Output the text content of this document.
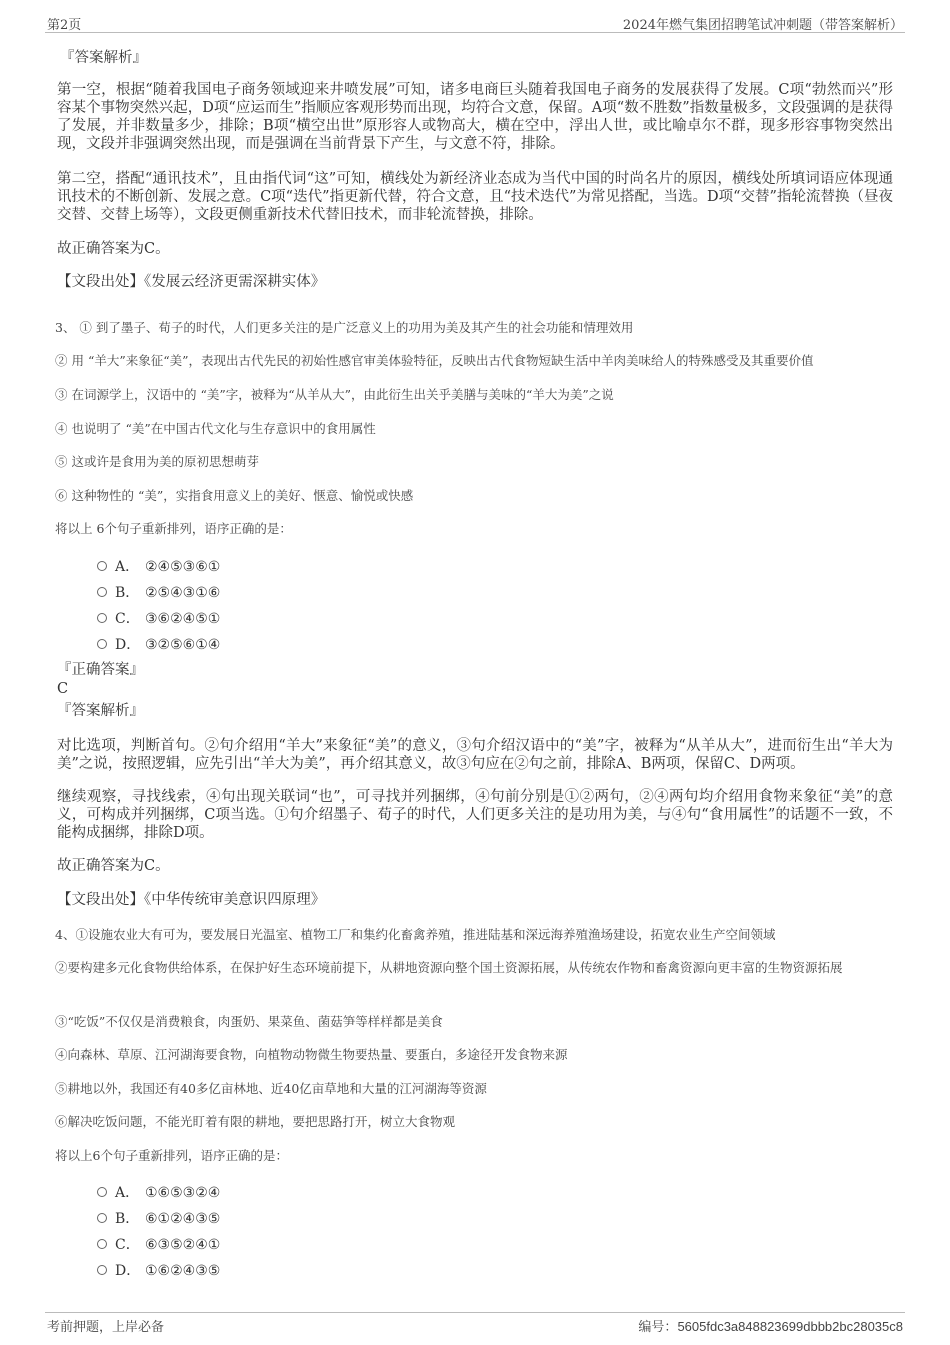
第2页	2024年燃气集团招聘笔试冲刺题（带答案解析）
『答案解析』
第一空，根据“随着我国电子商务领域迎来井喷发展”可知，诸多电商巨头随着我国电子商务的发展获得了发展。C项“勃然而兴”形容某个事物突然兴起，D项“应运而生”指顺应客观形势而出现，均符合文意，保留。A项“数不胜数”指数量极多，文段强调的是获得了发展，并非数量多少，排除；B项“横空出世”原形容人或物高大，横在空中，浮出人世，或比喻卓尔不群，现多形容事物突然出现，文段并非强调突然出现，而是强调在当前背景下产生，与文意不符，排除。
第二空，搭配“通讯技术”，且由指代词“这”可知，横线处为新经济业态成为当代中国的时尚名片的原因，横线处所填词语应体现通讯技术的不断创新、发展之意。C项“迭代”指更新代替，符合文意，且“技术迭代”为常见搭配，当选。D项“交替”指轮流替换（昼夜交替、交替上场等），文段更侧重新技术代替旧技术，而非轮流替换，排除。
故正确答案为C。
【文段出处】《发展云经济更需深耕实体》
3、 ① 到了墨子、荀子的时代，人们更多关注的是广泛意义上的功用为美及其产生的社会功能和情理效用
② 用 “羊大”来象征“美”，表现出古代先民的初始性感官审美体验特征，反映出古代食物短缺生活中羊肉美味给人的特殊感受及其重要价值
③ 在词源学上，汉语中的 “美”字，被释为“从羊从大”，由此衍生出关乎美膳与美味的“羊大为美”之说
④ 也说明了 “美”在中国古代文化与生存意识中的食用属性
⑤ 这或许是食用为美的原初思想萌芽
⑥ 这种物性的 “美”，实指食用意义上的美好、惬意、愉悦或快感
将以上 6个句子重新排列，语序正确的是：
A． ②④⑤③⑥①
B． ②⑤④③①⑥
C． ③⑥②④⑤①
D． ③②⑤⑥①④
『正确答案』
C
『答案解析』
对比选项，判断首句。②句介绍用“羊大”来象征“美”的意义，③句介绍汉语中的“美”字，被释为“从羊从大”，进而衍生出“羊大为美”之说，按照逻辑，应先引出“羊大为美”，再介绍其意义，故③句应在②句之前，排除A、B两项，保留C、D两项。
继续观察，寻找线索，④句出现关联词“也”，可寻找并列捆绑，④句前分别是①②两句，②④两句均介绍用食物来象征“美”的意义，可构成并列捆绑，C项当选。①句介绍墨子、荀子的时代，人们更多关注的是功用为美，与④句“食用属性”的话题不一致，不能构成捆绑，排除D项。
故正确答案为C。
【文段出处】《中华传统审美意识四原理》
4、①设施农业大有可为，要发展日光温室、植物工厂和集约化畜禽养殖，推进陆基和深远海养殖渔场建设，拓宽农业生产空间领域
②要构建多元化食物供给体系，在保护好生态环境前提下，从耕地资源向整个国土资源拓展，从传统农作物和畜禽资源向更丰富的生物资源拓展
③“吃饭”不仅仅是消费粮食，肉蛋奶、果菜鱼、菌菇笋等样样都是美食
④向森林、草原、江河湖海要食物，向植物动物微生物要热量、要蛋白，多途径开发食物来源
⑤耕地以外，我国还有40多亿亩林地、近40亿亩草地和大量的江河湖海等资源
⑥解决吃饭问题，不能光盯着有限的耕地，要把思路打开，树立大食物观
将以上6个句子重新排列，语序正确的是：
A． ①⑥⑤③②④
B． ⑥①②④③⑤
C． ⑥③⑤②④①
D． ①⑥②④③⑤
考前押题，上岸必备	编号：5605fdc3a848823699dbbb2bc28035c8
